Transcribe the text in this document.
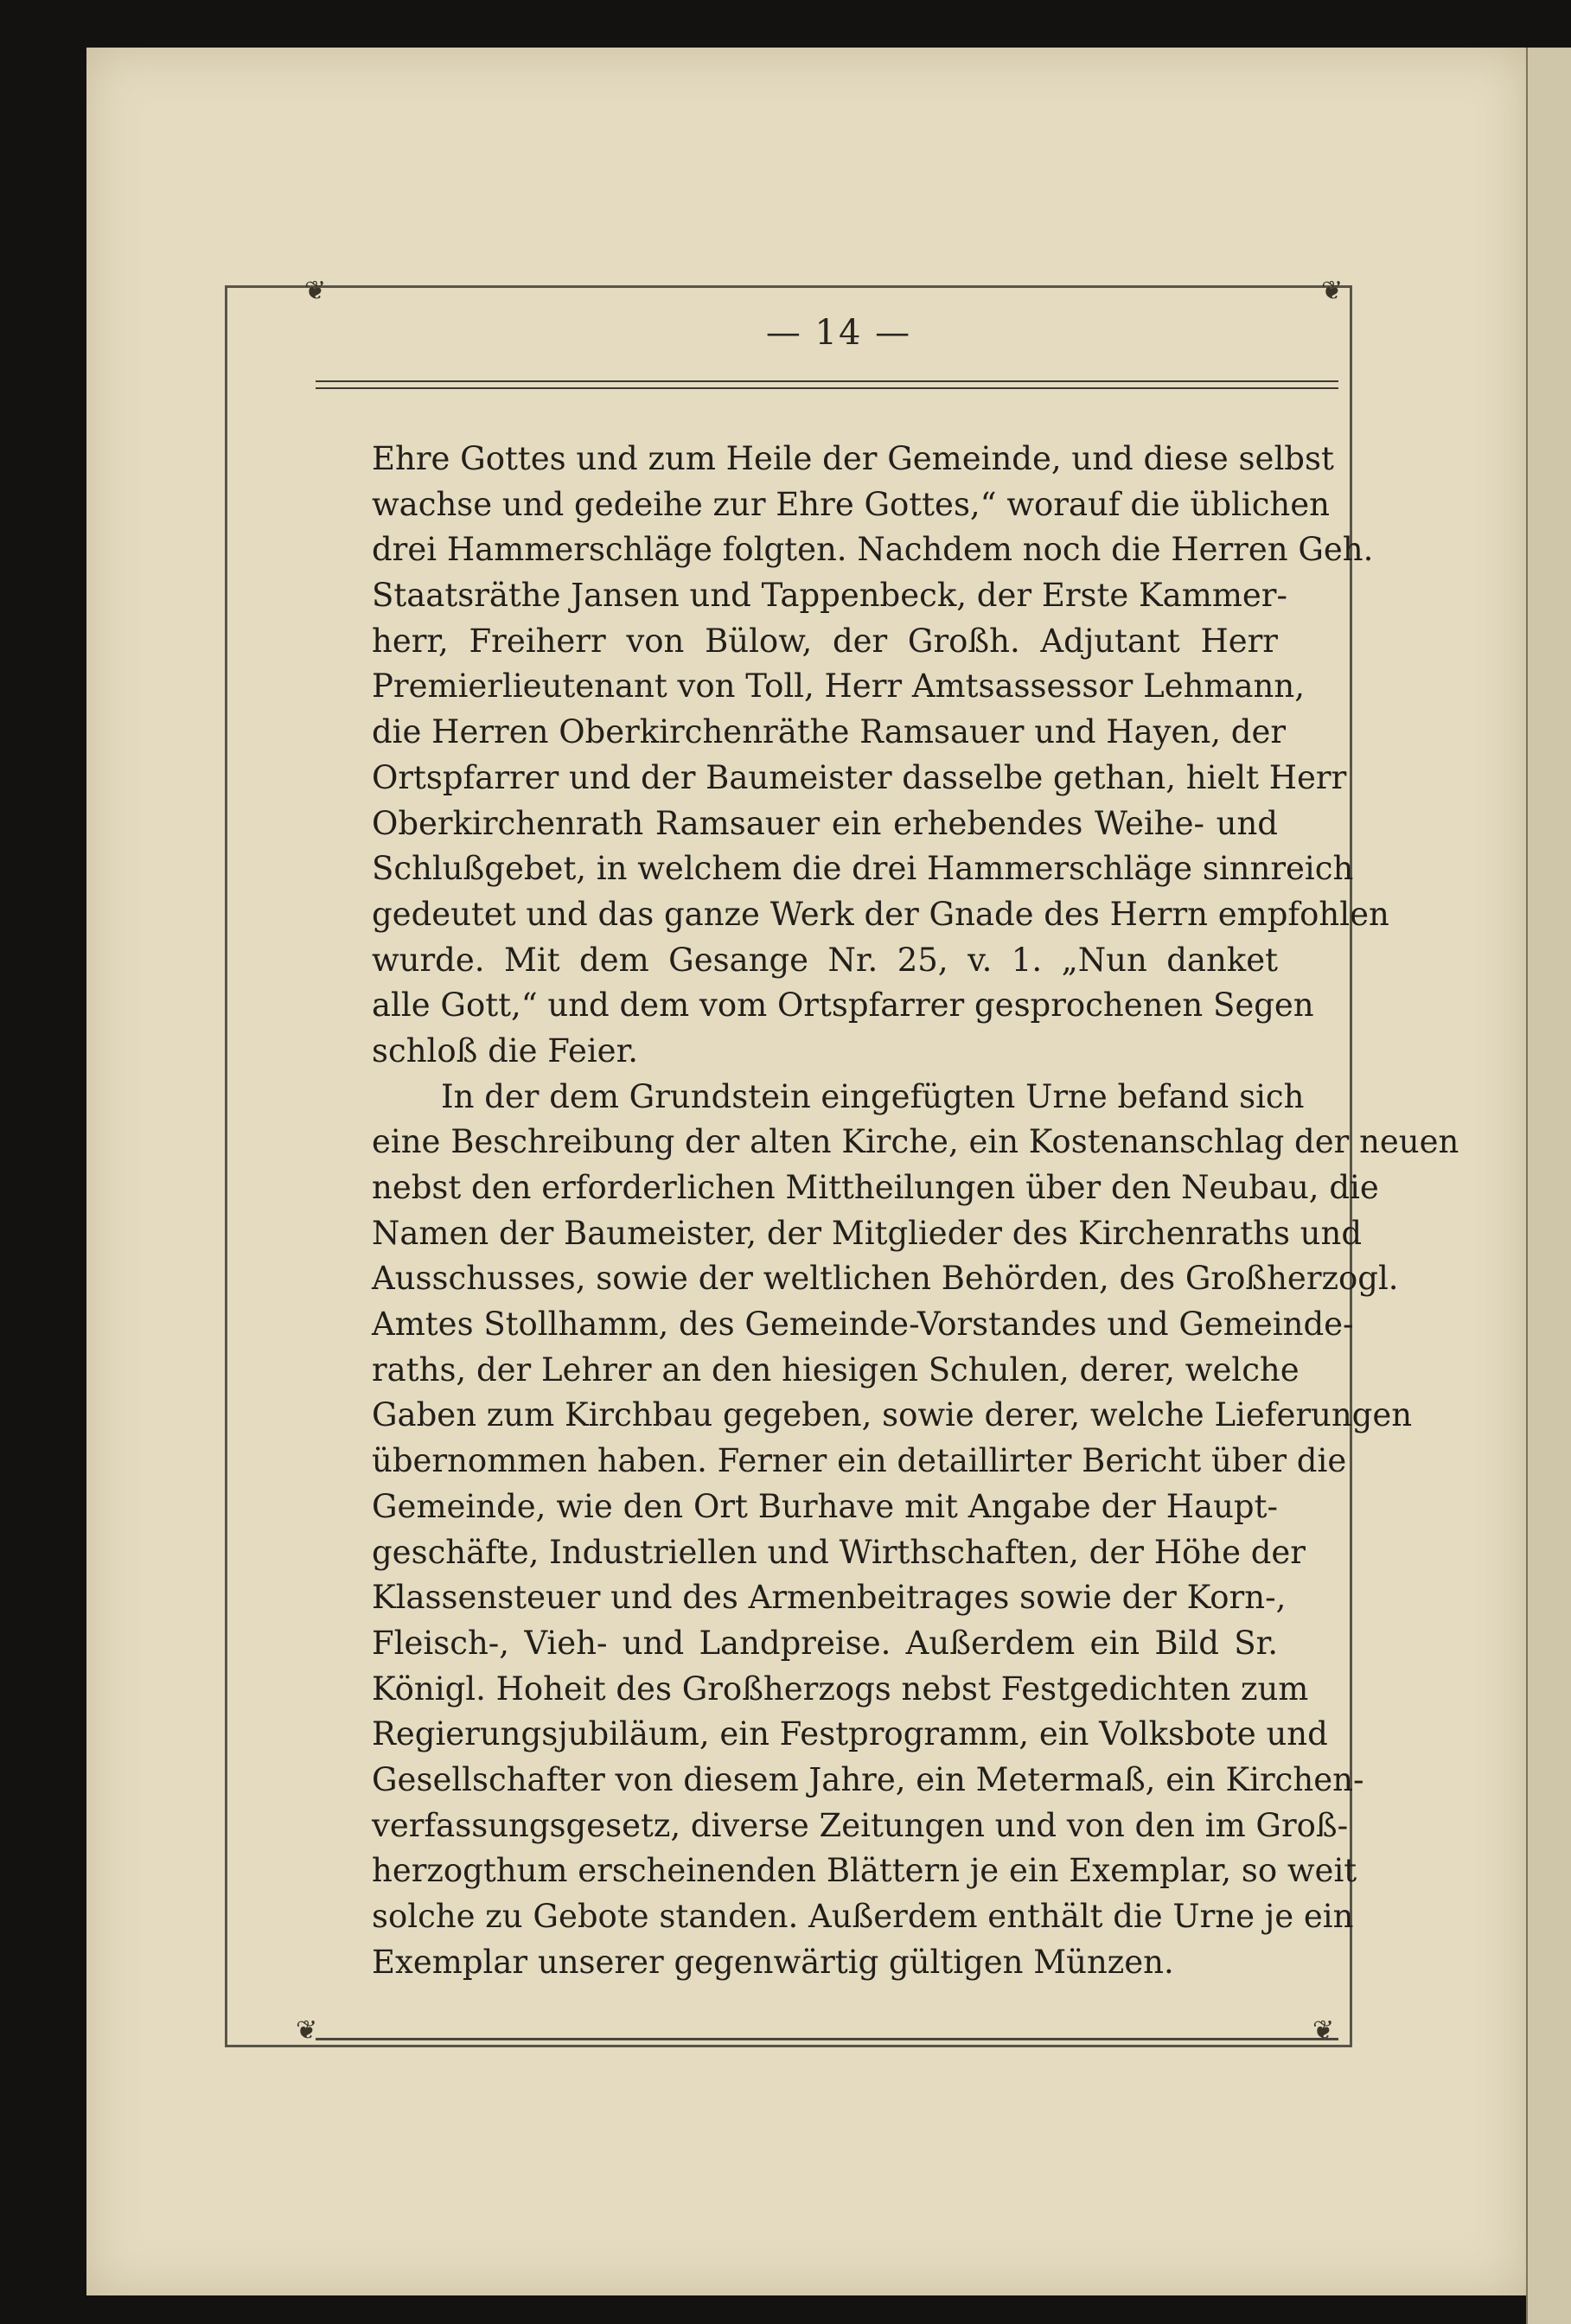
❦	❦
❦	❦
— 14 —
Ehre Gottes und zum Heile der Gemeinde, und diese selbst
wachse und gedeihe zur Ehre Gottes,“ worauf die üblichen
drei Hammerschläge folgten. Nachdem noch die Herren Geh.
Staatsräthe Jansen und Tappenbeck, der Erste Kammer-
herr, Freiherr von Bülow, der Großh. Adjutant Herr
Premierlieutenant von Toll, Herr Amtsassessor Lehmann,
die Herren Oberkirchenräthe Ramsauer und Hayen, der
Ortspfarrer und der Baumeister dasselbe gethan, hielt Herr
Oberkirchenrath Ramsauer ein erhebendes Weihe- und
Schlußgebet, in welchem die drei Hammerschläge sinnreich
gedeutet und das ganze Werk der Gnade des Herrn empfohlen
wurde. Mit dem Gesange Nr. 25, v. 1. „Nun danket
alle Gott,“ und dem vom Ortspfarrer gesprochenen Segen
schloß die Feier.
In der dem Grundstein eingefügten Urne befand sich
eine Beschreibung der alten Kirche, ein Kostenanschlag der neuen
nebst den erforderlichen Mittheilungen über den Neubau, die
Namen der Baumeister, der Mitglieder des Kirchenraths und
Ausschusses, sowie der weltlichen Behörden, des Großherzogl.
Amtes Stollhamm, des Gemeinde-Vorstandes und Gemeinde-
raths, der Lehrer an den hiesigen Schulen, derer, welche
Gaben zum Kirchbau gegeben, sowie derer, welche Lieferungen
übernommen haben. Ferner ein detaillirter Bericht über die
Gemeinde, wie den Ort Burhave mit Angabe der Haupt-
geschäfte, Industriellen und Wirthschaften, der Höhe der
Klassensteuer und des Armenbeitrages sowie der Korn-,
Fleisch-, Vieh- und Landpreise. Außerdem ein Bild Sr.
Königl. Hoheit des Großherzogs nebst Festgedichten zum
Regierungsjubiläum, ein Festprogramm, ein Volksbote und
Gesellschafter von diesem Jahre, ein Metermaß, ein Kirchen-
verfassungsgesetz, diverse Zeitungen und von den im Groß-
herzogthum erscheinenden Blättern je ein Exemplar, so weit
solche zu Gebote standen. Außerdem enthält die Urne je ein
Exemplar unserer gegenwärtig gültigen Münzen.
